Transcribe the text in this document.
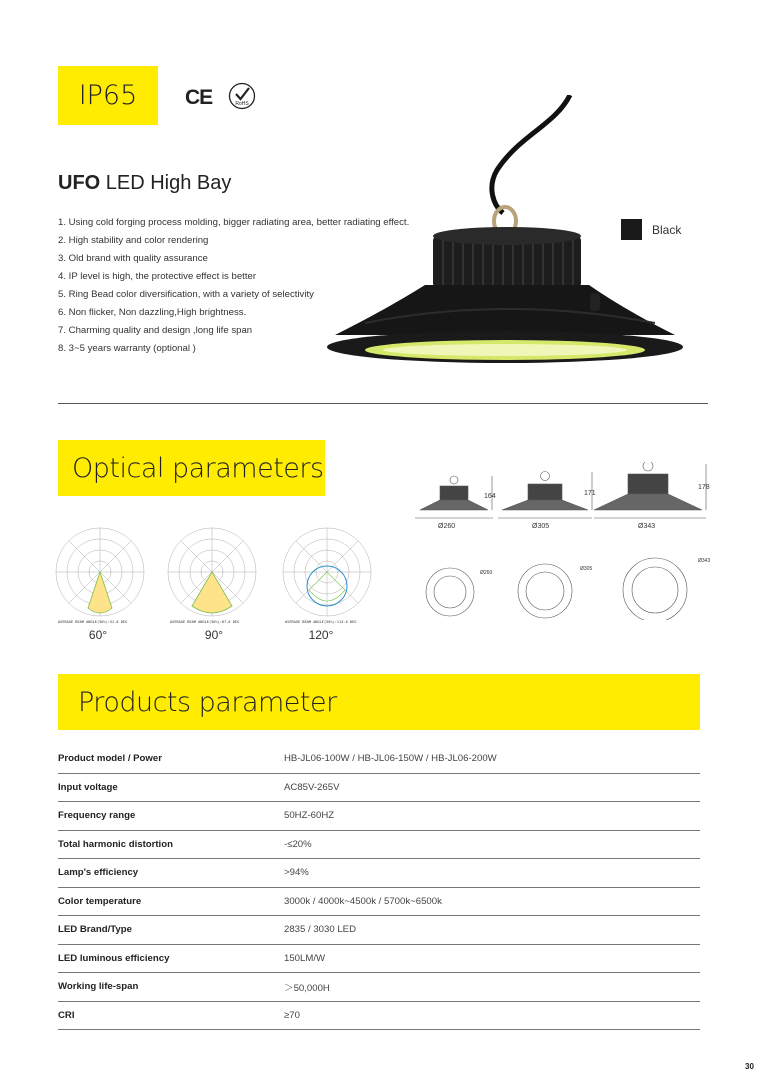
IP65 CE	RoHS
UFO LED High Bay
1. Using cold forging process molding, bigger radiating area, better radiating effect.
2. High stability and color rendering
3. Old brand with quality assurance
4. IP level is high, the protective effect is better
5. Ring Bead color diversification, with a variety of selectivity
6. Non flicker, Non dazzling,High brightness.
7. Charming quality and design ,long life span
8. 3~5 years warranty (optional )
Black
Optical parameters
AVERAGE BEAM ANGLE(50%):52.6 DEG	AVERAGE BEAM ANGLE(50%):87.6 DEG	AVERAGE BEAM ANGLE(50%):114.6 DEG
60°	90°	120°
164	171
178
Ø260	Ø305	Ø343
Ø260
Ø305
Ø343
Products parameter
Product model / Power	HB-JL06-100W / HB-JL06-150W / HB-JL06-200W
Input voltage	AC85V-265V
Frequency range	50HZ-60HZ
Total harmonic distortion	-≤20%
Lamp's efficiency	>94%
Color temperature	3000k / 4000k~4500k / 5700k~6500k
LED Brand/Type	2835 / 3030 LED
LED luminous efficiency	150LM/W
Working life-span	＞50,000H
CRI	≥70
30
